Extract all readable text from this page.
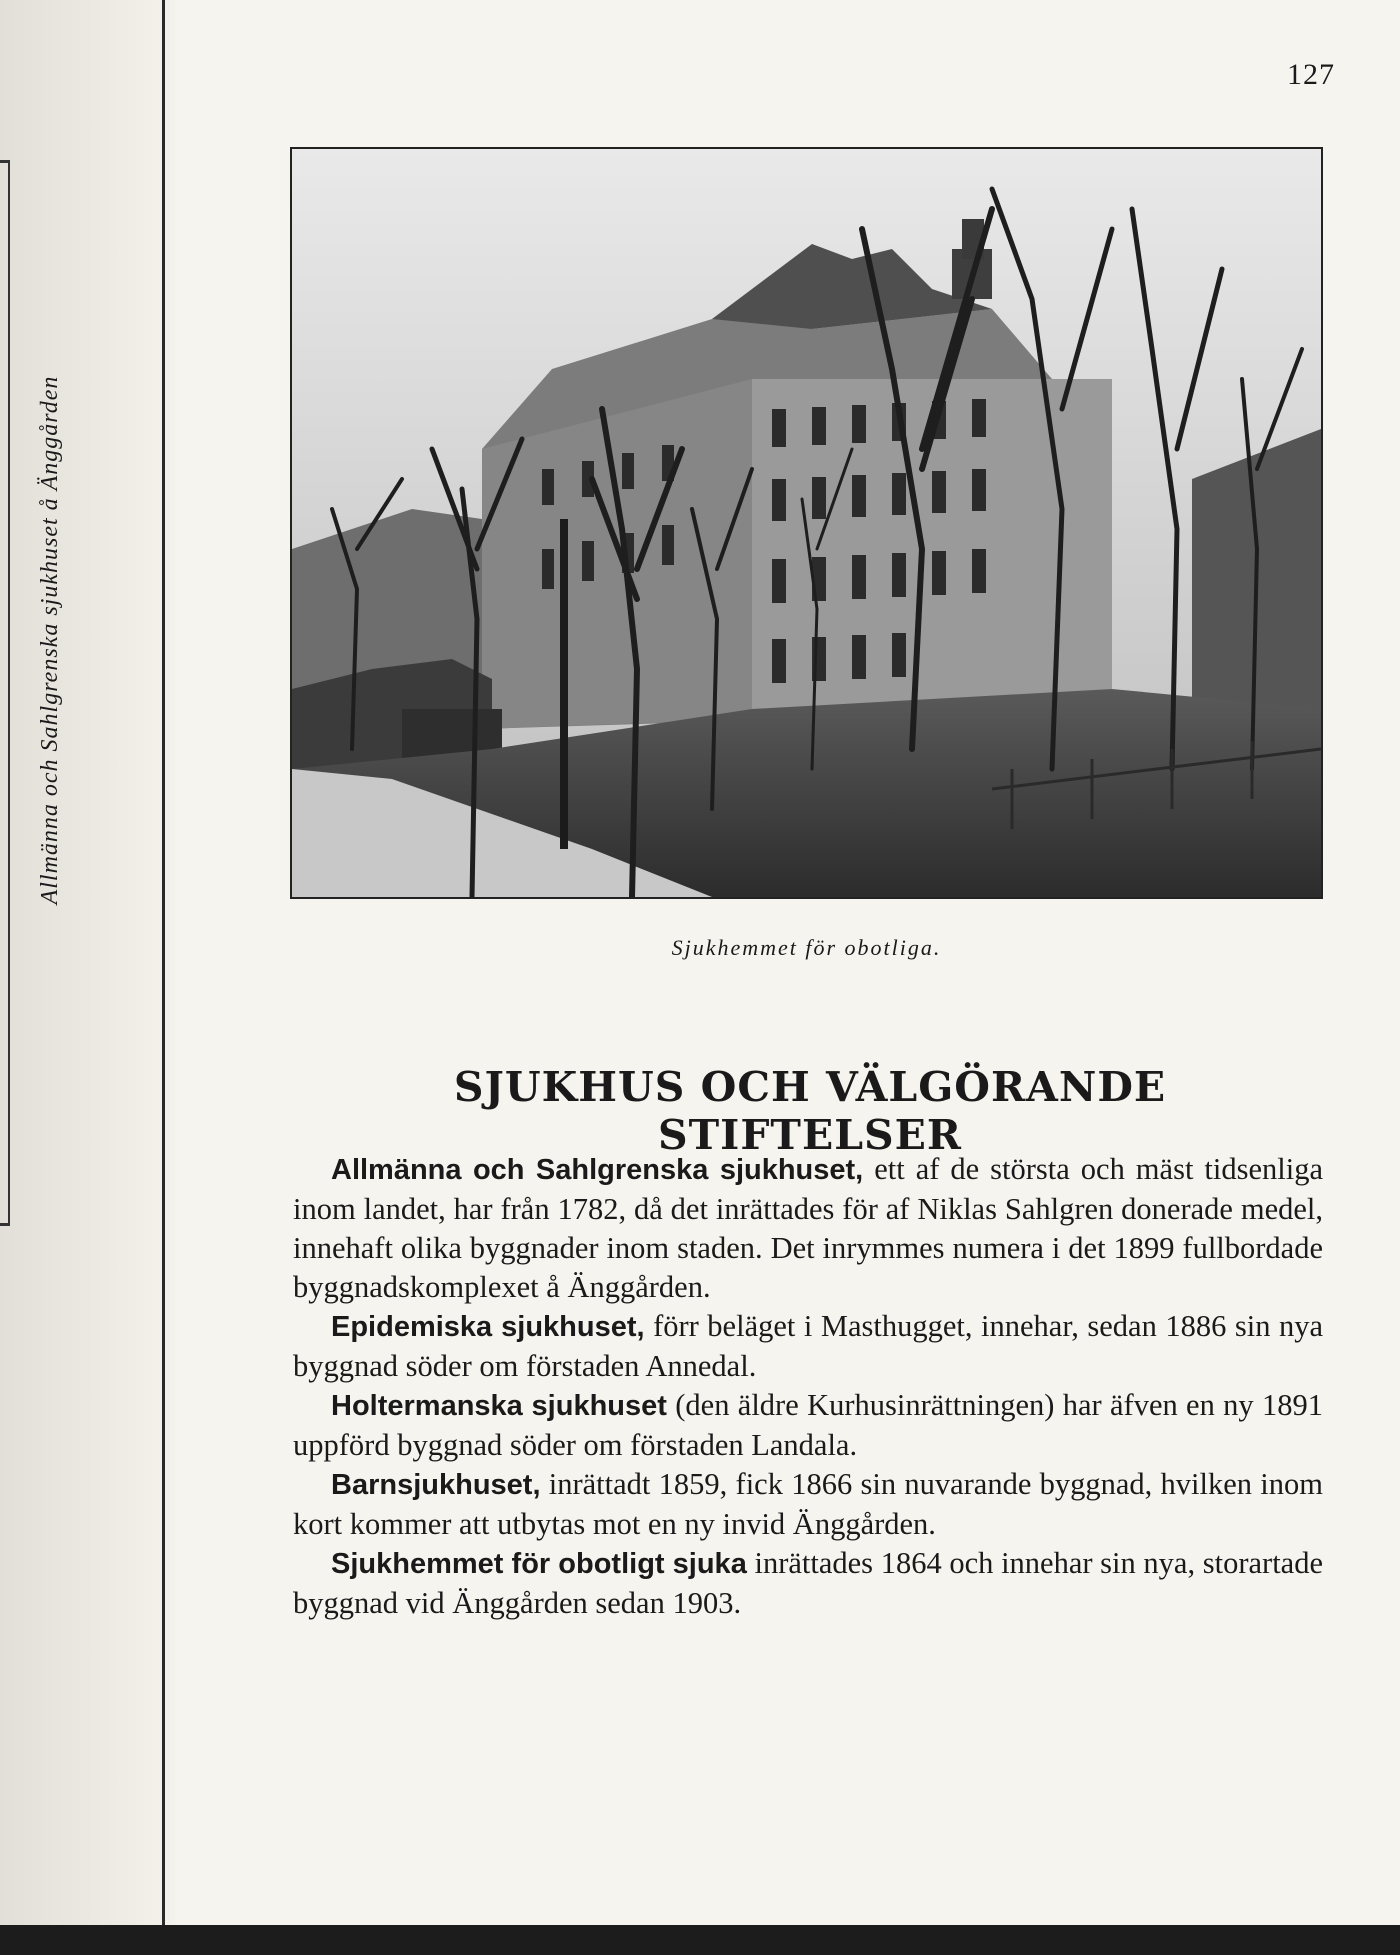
Allmänna och Sahlgrenska sjukhuset å Änggården
127
Sjukhemmet för obotliga.
SJUKHUS OCH VÄLGÖRANDE STIFTELSER

Allmänna och Sahlgrenska sjukhuset, ett af de största och mäst tidsenliga inom landet, har från 1782, då det inrättades för af Niklas Sahlgren donerade medel, innehaft olika byggnader inom staden. Det inrymmes numera i det 1899 fullbordade byggnadskomplexet å Änggården.

Epidemiska sjukhuset, förr beläget i Masthugget, innehar, sedan 1886 sin nya byggnad söder om förstaden Annedal.

Holtermanska sjukhuset (den äldre Kurhusinrättningen) har äfven en ny 1891 uppförd byggnad söder om förstaden Landala.

Barnsjukhuset, inrättadt 1859, fick 1866 sin nuvarande byggnad, hvilken inom kort kommer att utbytas mot en ny invid Änggården.

Sjukhemmet för obotligt sjuka inrättades 1864 och innehar sin nya, storartade byggnad vid Änggården sedan 1903.
